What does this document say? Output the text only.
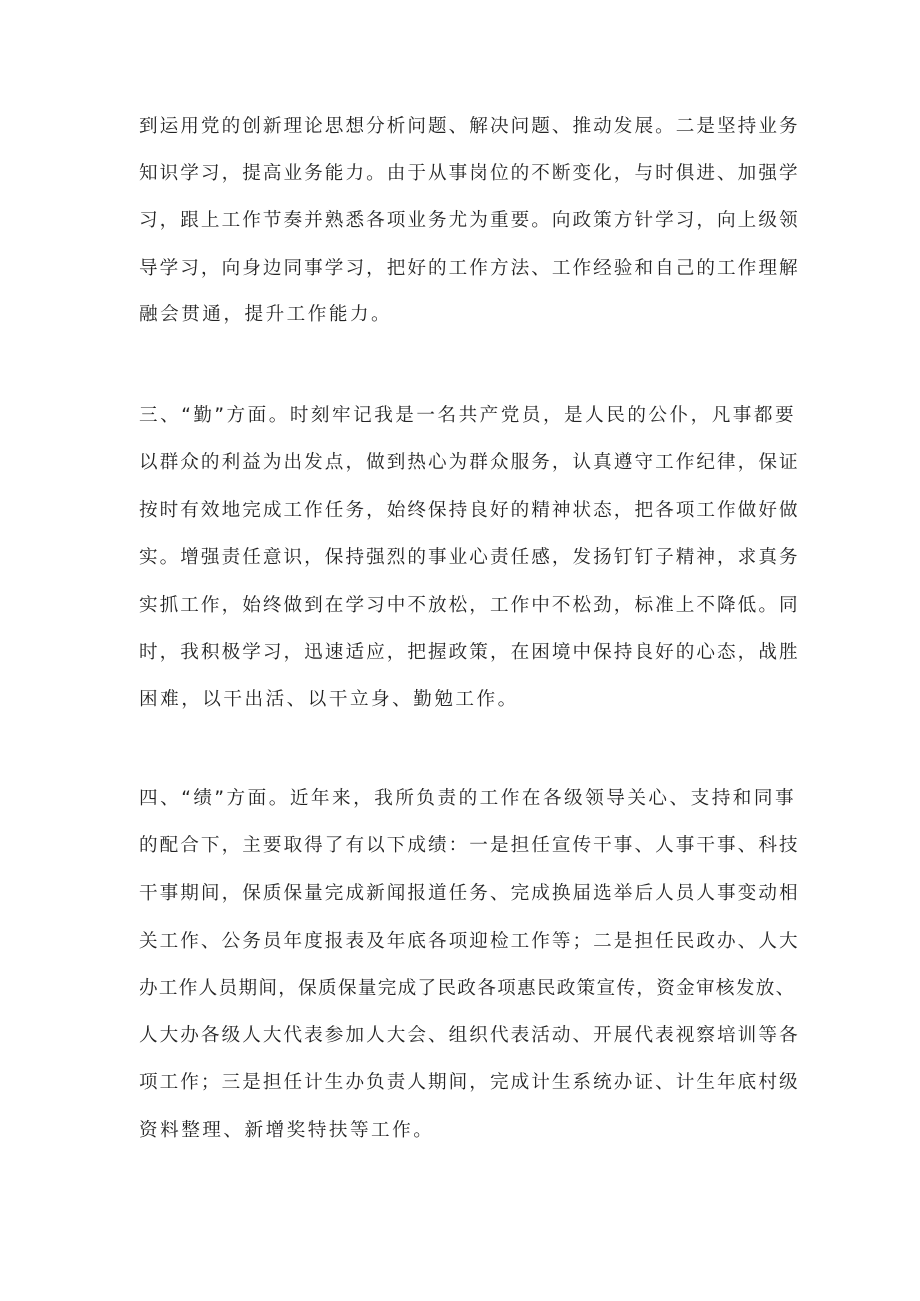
到运用党的创新理论思想分析问题、解决问题、推动发展。二是坚持业务
知识学习，提高业务能力。由于从事岗位的不断变化，与时俱进、加强学
习，跟上工作节奏并熟悉各项业务尤为重要。向政策方针学习，向上级领
导学习，向身边同事学习，把好的工作方法、工作经验和自己的工作理解
融会贯通，提升工作能力。
三、“勤”方面。时刻牢记我是一名共产党员，是人民的公仆，凡事都要
以群众的利益为出发点，做到热心为群众服务，认真遵守工作纪律，保证
按时有效地完成工作任务，始终保持良好的精神状态，把各项工作做好做
实。增强责任意识，保持强烈的事业心责任感，发扬钉钉子精神，求真务
实抓工作，始终做到在学习中不放松，工作中不松劲，标准上不降低。同
时，我积极学习，迅速适应，把握政策，在困境中保持良好的心态，战胜
困难，以干出活、以干立身、勤勉工作。
四、“绩”方面。近年来，我所负责的工作在各级领导关心、支持和同事
的配合下，主要取得了有以下成绩：一是担任宣传干事、人事干事、科技
干事期间，保质保量完成新闻报道任务、完成换届选举后人员人事变动相
关工作、公务员年度报表及年底各项迎检工作等；二是担任民政办、人大
办工作人员期间，保质保量完成了民政各项惠民政策宣传，资金审核发放、
人大办各级人大代表参加人大会、组织代表活动、开展代表视察培训等各
项工作；三是担任计生办负责人期间，完成计生系统办证、计生年底村级
资料整理、新增奖特扶等工作。
